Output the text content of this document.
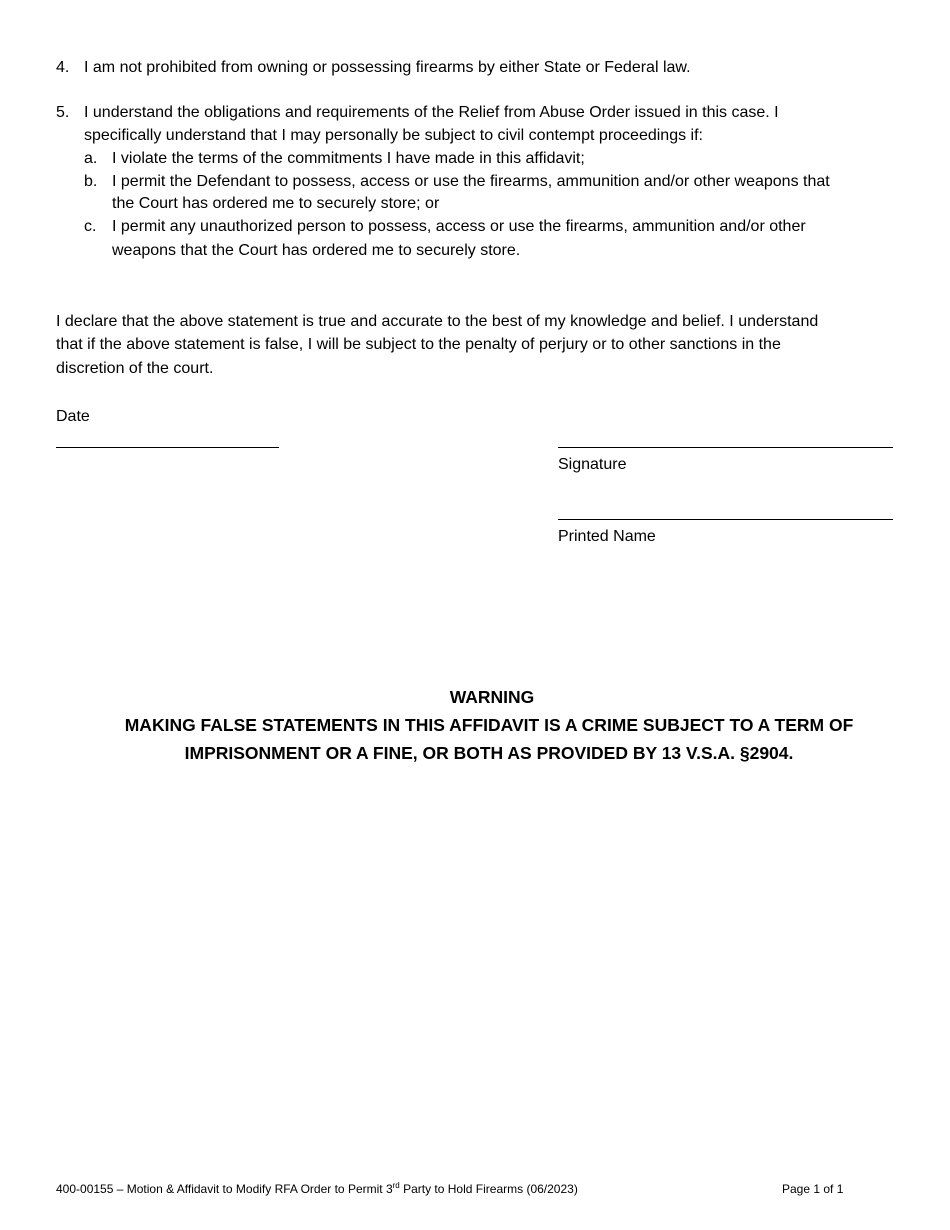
4. I am not prohibited from owning or possessing firearms by either State or Federal law.
5. I understand the obligations and requirements of the Relief from Abuse Order issued in this case. I
specifically understand that I may personally be subject to civil contempt proceedings if:
a. I violate the terms of the commitments I have made in this affidavit;
b. I permit the Defendant to possess, access or use the firearms, ammunition and/or other weapons that
the Court has ordered me to securely store; or
c. I permit any unauthorized person to possess, access or use the firearms, ammunition and/or other
weapons that the Court has ordered me to securely store.
I declare that the above statement is true and accurate to the best of my knowledge and belief. I understand
that if the above statement is false, I will be subject to the penalty of perjury or to other sanctions in the
discretion of the court.
Date
Signature
Printed Name
WARNING
MAKING FALSE STATEMENTS IN THIS AFFIDAVIT IS A CRIME SUBJECT TO A TERM OF
IMPRISONMENT OR A FINE, OR BOTH AS PROVIDED BY 13 V.S.A. §2904.
400-00155 – Motion & Affidavit to Modify RFA Order to Permit 3rd Party to Hold Firearms (06/2023)	Page 1 of 1
